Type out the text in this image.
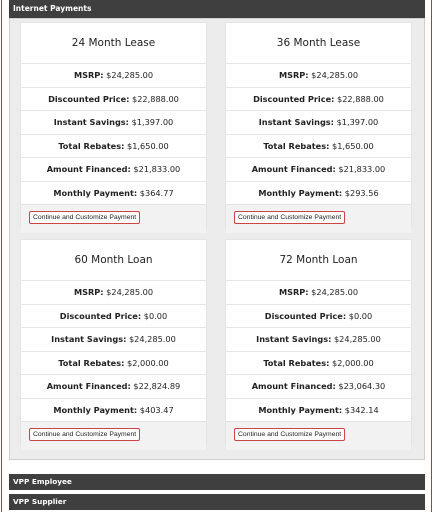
Internet Payments
24 Month Lease
MSRP: $24,285.00
Discounted Price: $22,888.00
Instant Savings: $1,397.00
Total Rebates: $1,650.00
Amount Financed: $21,833.00
Monthly Payment: $364.77
Continue and Customize Payment
36 Month Lease
MSRP: $24,285.00
Discounted Price: $22,888.00
Instant Savings: $1,397.00
Total Rebates: $1,650.00
Amount Financed: $21,833.00
Monthly Payment: $293.56
Continue and Customize Payment
60 Month Loan
MSRP: $24,285.00
Discounted Price: $0.00
Instant Savings: $24,285.00
Total Rebates: $2,000.00
Amount Financed: $22,824.89
Monthly Payment: $403.47
Continue and Customize Payment
72 Month Loan
MSRP: $24,285.00
Discounted Price: $0.00
Instant Savings: $24,285.00
Total Rebates: $2,000.00
Amount Financed: $23,064.30
Monthly Payment: $342.14
Continue and Customize Payment
VPP Employee
VPP Supplier
